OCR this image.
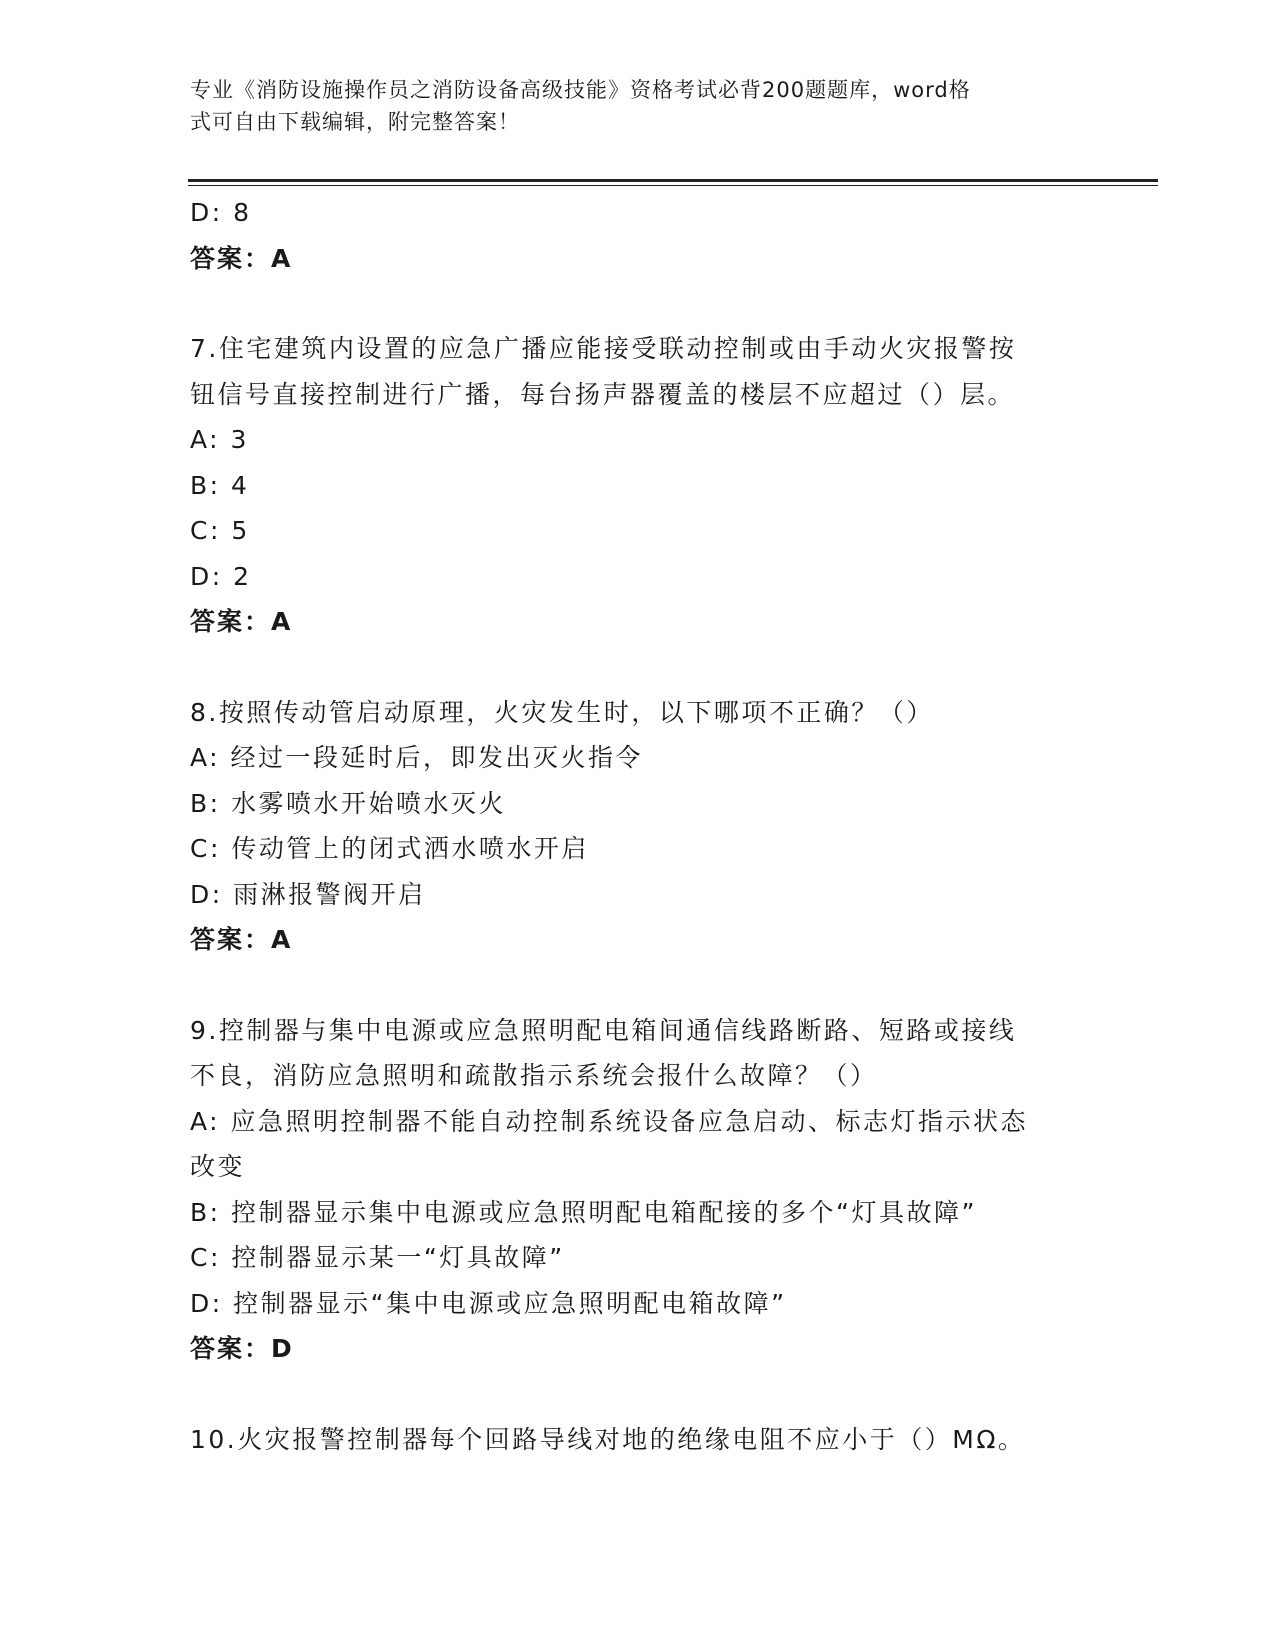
专业《消防设施操作员之消防设备高级技能》资格考试必背200题题库，word格
式可自由下载编辑，附完整答案！
D: 8
答案：A
7.住宅建筑内设置的应急广播应能接受联动控制或由手动火灾报警按
钮信号直接控制进行广播，每台扬声器覆盖的楼层不应超过（）层。
A: 3
B: 4
C: 5
D: 2
答案：A
8.按照传动管启动原理，火灾发生时，以下哪项不正确？（）
A: 经过一段延时后，即发出灭火指令
B: 水雾喷水开始喷水灭火
C: 传动管上的闭式洒水喷水开启
D: 雨淋报警阀开启
答案：A
9.控制器与集中电源或应急照明配电箱间通信线路断路、短路或接线
不良，消防应急照明和疏散指示系统会报什么故障？（）
A: 应急照明控制器不能自动控制系统设备应急启动、标志灯指示状态
改变
B: 控制器显示集中电源或应急照明配电箱配接的多个“灯具故障”
C: 控制器显示某一“灯具故障”
D: 控制器显示“集中电源或应急照明配电箱故障”
答案：D
10.火灾报警控制器每个回路导线对地的绝缘电阻不应小于（）MΩ。
